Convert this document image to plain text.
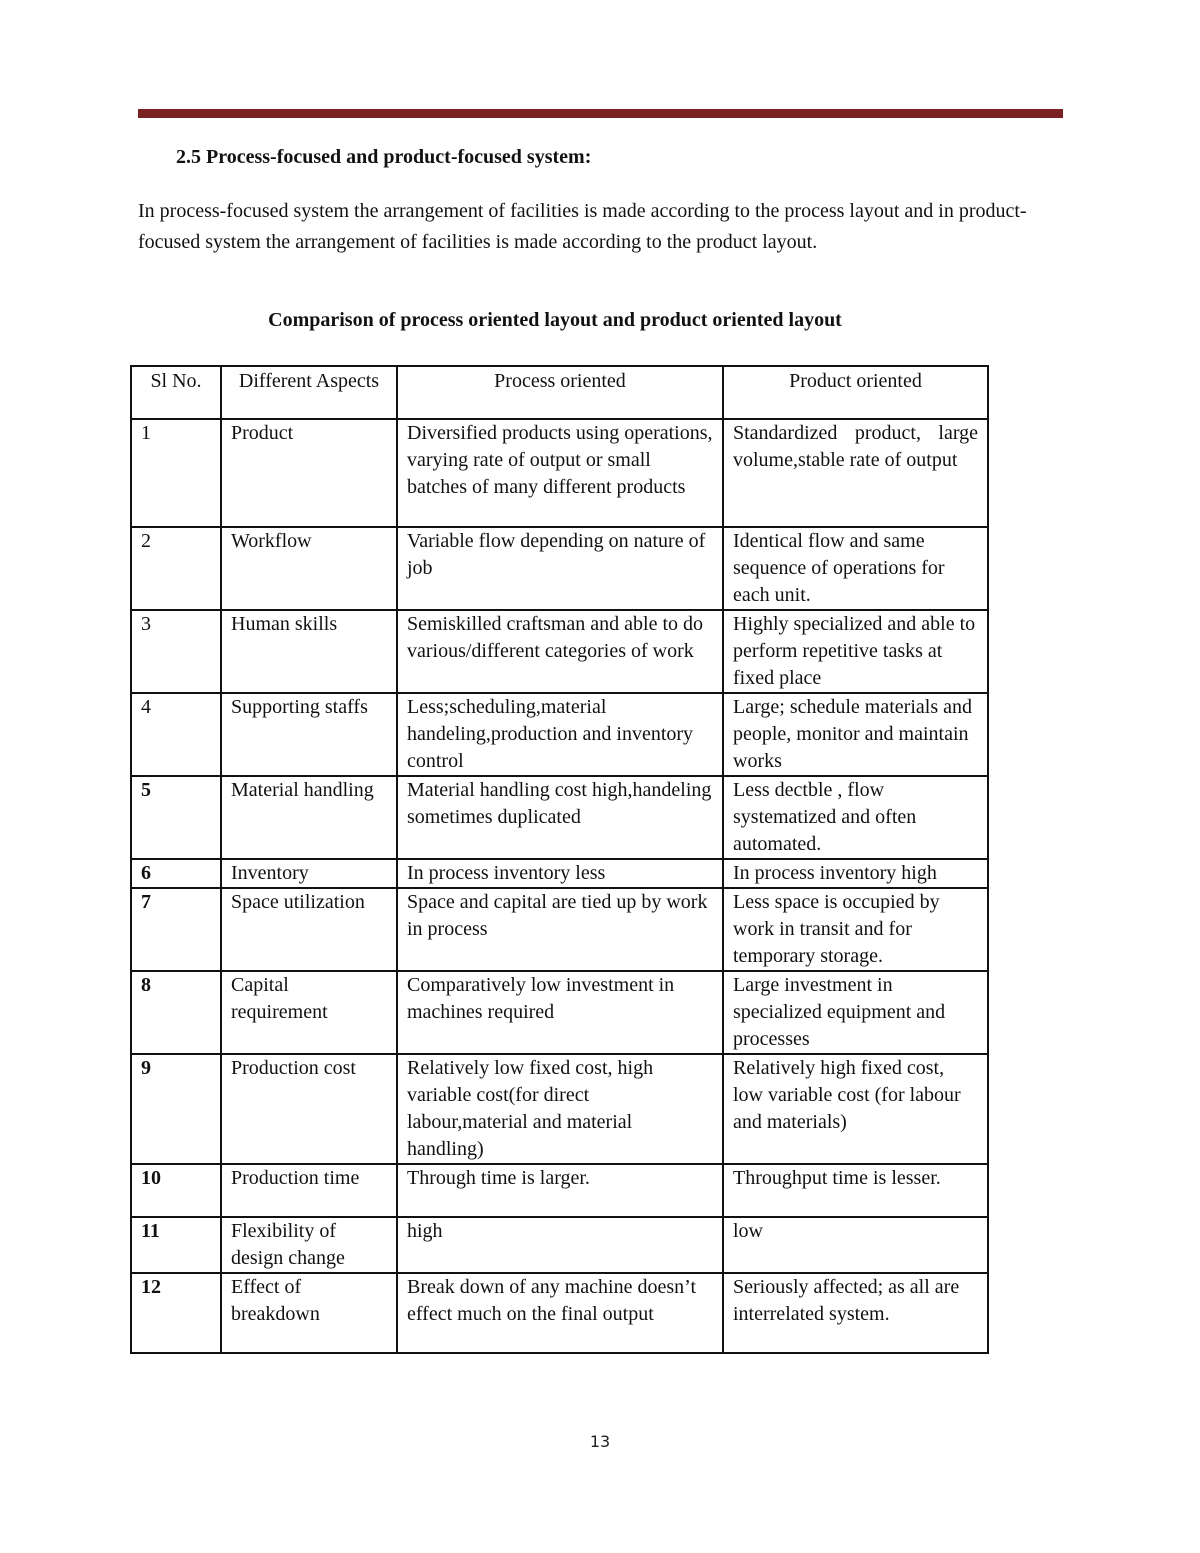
2.5 Process-focused and product-focused system:
In process-focused system the arrangement of facilities is made according to the process layout and in product-focused system the arrangement of facilities is made according to the product layout.
Comparison of process oriented layout and product oriented layout
Sl No.	Different Aspects	Process oriented	Product oriented
1	Product	Diversified products using operations, varying rate of output or small batches of many different products	Standardized product, large volume,stable rate of output
2	Workflow	Variable flow depending on nature of job	Identical flow and same sequence of operations for each unit.
3	Human skills	Semiskilled craftsman and able to do various/different categories of work	Highly specialized and able to perform repetitive tasks at fixed place
4	Supporting staffs	Less;scheduling,material handeling,production and inventory control	Large; schedule materials and people, monitor and maintain works
5	Material handling	Material handling cost high,handeling sometimes duplicated	Less dectble , flow systematized and often automated.
6	Inventory	In process inventory less	In process inventory high
7	Space utilization	Space and capital are tied up by work in process	Less space is occupied by work in transit and for temporary storage.
8	Capital requirement	Comparatively low investment in machines required	Large investment in specialized equipment and processes
9	Production cost	Relatively low fixed cost, high variable cost(for direct labour,material and material handling)	Relatively high fixed cost, low variable cost (for labour and materials)
10	Production time	Through time is larger.	Throughput time is lesser.
11	Flexibility of design change	high	low
12	Effect of breakdown	Break down of any machine doesn’t effect much on the final output	Seriously affected; as all are interrelated system.
13
